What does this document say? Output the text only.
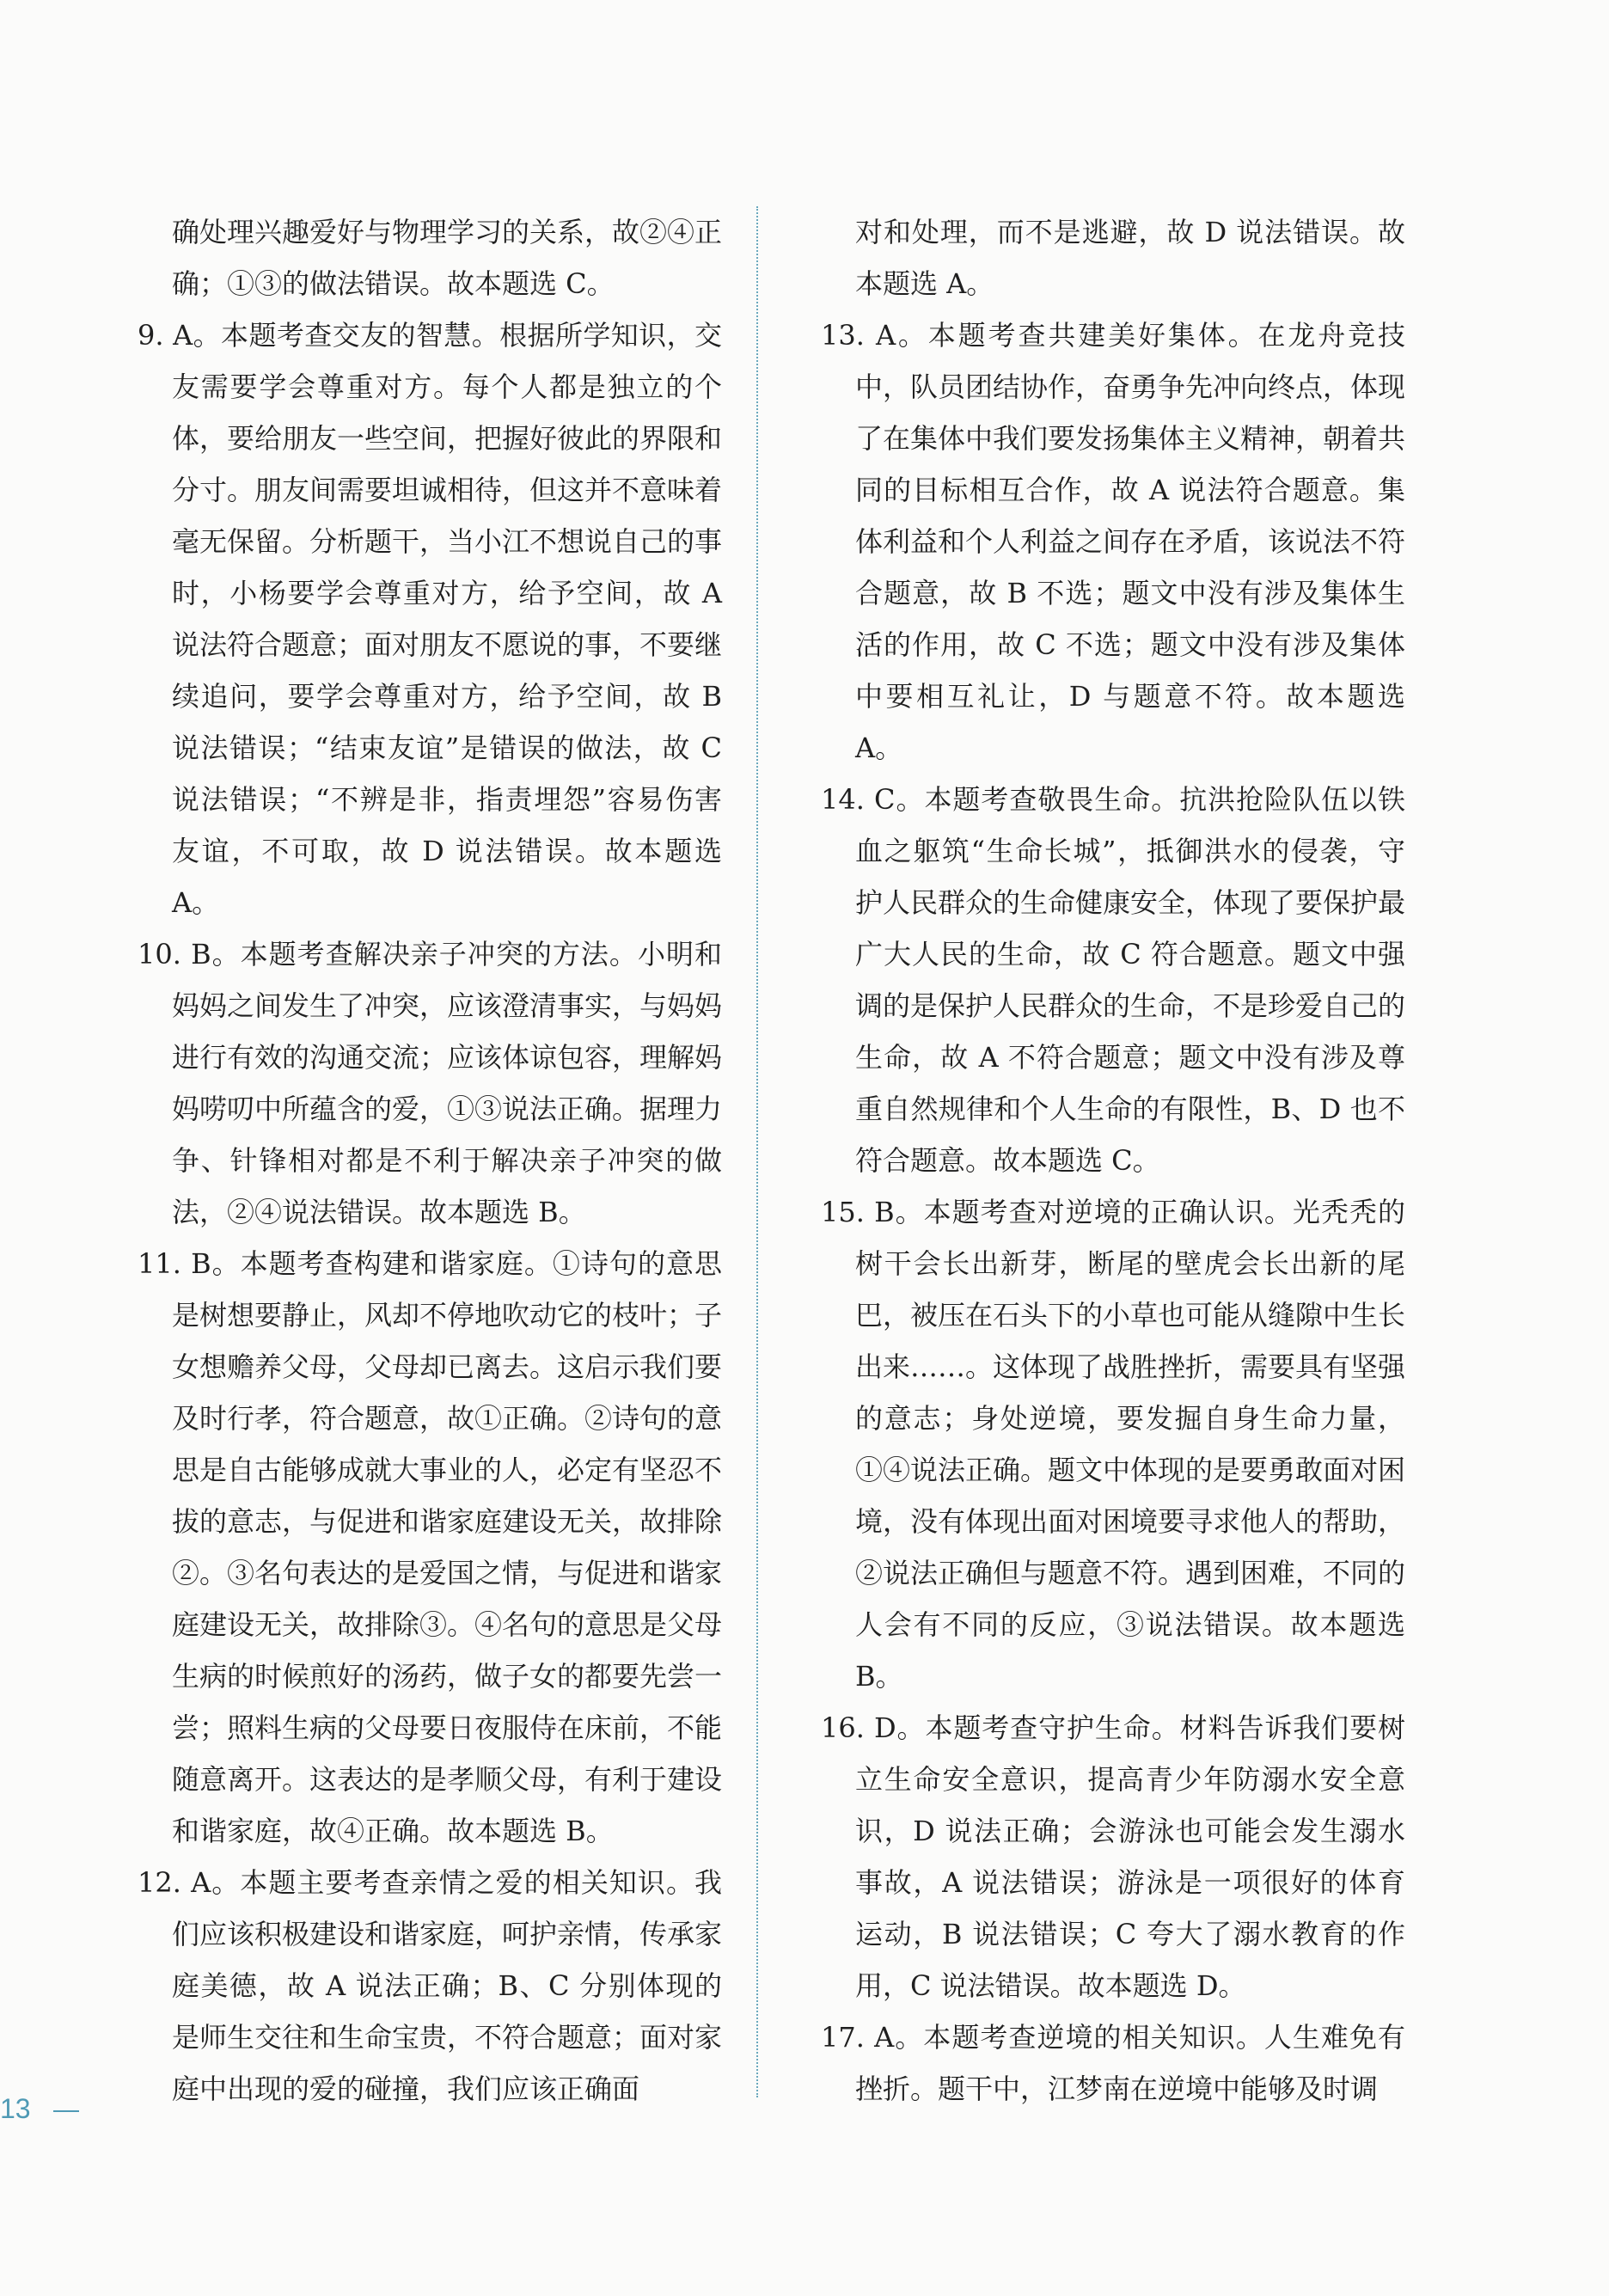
确处理兴趣爱好与物理学习的关系，故②④正确；①③的做法错误。故本题选 C。
9. A。本题考查交友的智慧。根据所学知识，交友需要学会尊重对方。每个人都是独立的个体，要给朋友一些空间，把握好彼此的界限和分寸。朋友间需要坦诚相待，但这并不意味着毫无保留。分析题干，当小江不想说自己的事时，小杨要学会尊重对方，给予空间，故 A 说法符合题意；面对朋友不愿说的事，不要继续追问，要学会尊重对方，给予空间，故 B 说法错误；“结束友谊”是错误的做法，故 C 说法错误；“不辨是非，指责埋怨”容易伤害友谊，不可取，故 D 说法错误。故本题选 A。
10. B。本题考查解决亲子冲突的方法。小明和妈妈之间发生了冲突，应该澄清事实，与妈妈进行有效的沟通交流；应该体谅包容，理解妈妈唠叨中所蕴含的爱，①③说法正确。据理力争、针锋相对都是不利于解决亲子冲突的做法，②④说法错误。故本题选 B。
11. B。本题考查构建和谐家庭。①诗句的意思是树想要静止，风却不停地吹动它的枝叶；子女想赡养父母，父母却已离去。这启示我们要及时行孝，符合题意，故①正确。②诗句的意思是自古能够成就大事业的人，必定有坚忍不拔的意志，与促进和谐家庭建设无关，故排除②。③名句表达的是爱国之情，与促进和谐家庭建设无关，故排除③。④名句的意思是父母生病的时候煎好的汤药，做子女的都要先尝一尝；照料生病的父母要日夜服侍在床前，不能随意离开。这表达的是孝顺父母，有利于建设和谐家庭，故④正确。故本题选 B。
12. A。本题主要考查亲情之爱的相关知识。我们应该积极建设和谐家庭，呵护亲情，传承家庭美德，故 A 说法正确；B、C 分别体现的是师生交往和生命宝贵，不符合题意；面对家庭中出现的爱的碰撞，我们应该正确面
对和处理，而不是逃避，故 D 说法错误。故本题选 A。
13. A。本题考查共建美好集体。在龙舟竞技中，队员团结协作，奋勇争先冲向终点，体现了在集体中我们要发扬集体主义精神，朝着共同的目标相互合作，故 A 说法符合题意。集体利益和个人利益之间存在矛盾，该说法不符合题意，故 B 不选；题文中没有涉及集体生活的作用，故 C 不选；题文中没有涉及集体中要相互礼让，D 与题意不符。故本题选 A。
14. C。本题考查敬畏生命。抗洪抢险队伍以铁血之躯筑“生命长城”，抵御洪水的侵袭，守护人民群众的生命健康安全，体现了要保护最广大人民的生命，故 C 符合题意。题文中强调的是保护人民群众的生命，不是珍爱自己的生命，故 A 不符合题意；题文中没有涉及尊重自然规律和个人生命的有限性，B、D 也不符合题意。故本题选 C。
15. B。本题考查对逆境的正确认识。光秃秃的树干会长出新芽，断尾的壁虎会长出新的尾巴，被压在石头下的小草也可能从缝隙中生长出来……。这体现了战胜挫折，需要具有坚强的意志；身处逆境，要发掘自身生命力量，①④说法正确。题文中体现的是要勇敢面对困境，没有体现出面对困境要寻求他人的帮助，②说法正确但与题意不符。遇到困难，不同的人会有不同的反应，③说法错误。故本题选 B。
16. D。本题考查守护生命。材料告诉我们要树立生命安全意识，提高青少年防溺水安全意识，D 说法正确；会游泳也可能会发生溺水事故，A 说法错误；游泳是一项很好的体育运动，B 说法错误；C 夸大了溺水教育的作用，C 说法错误。故本题选 D。
17. A。本题考查逆境的相关知识。人生难免有挫折。题干中，江梦南在逆境中能够及时调
13
